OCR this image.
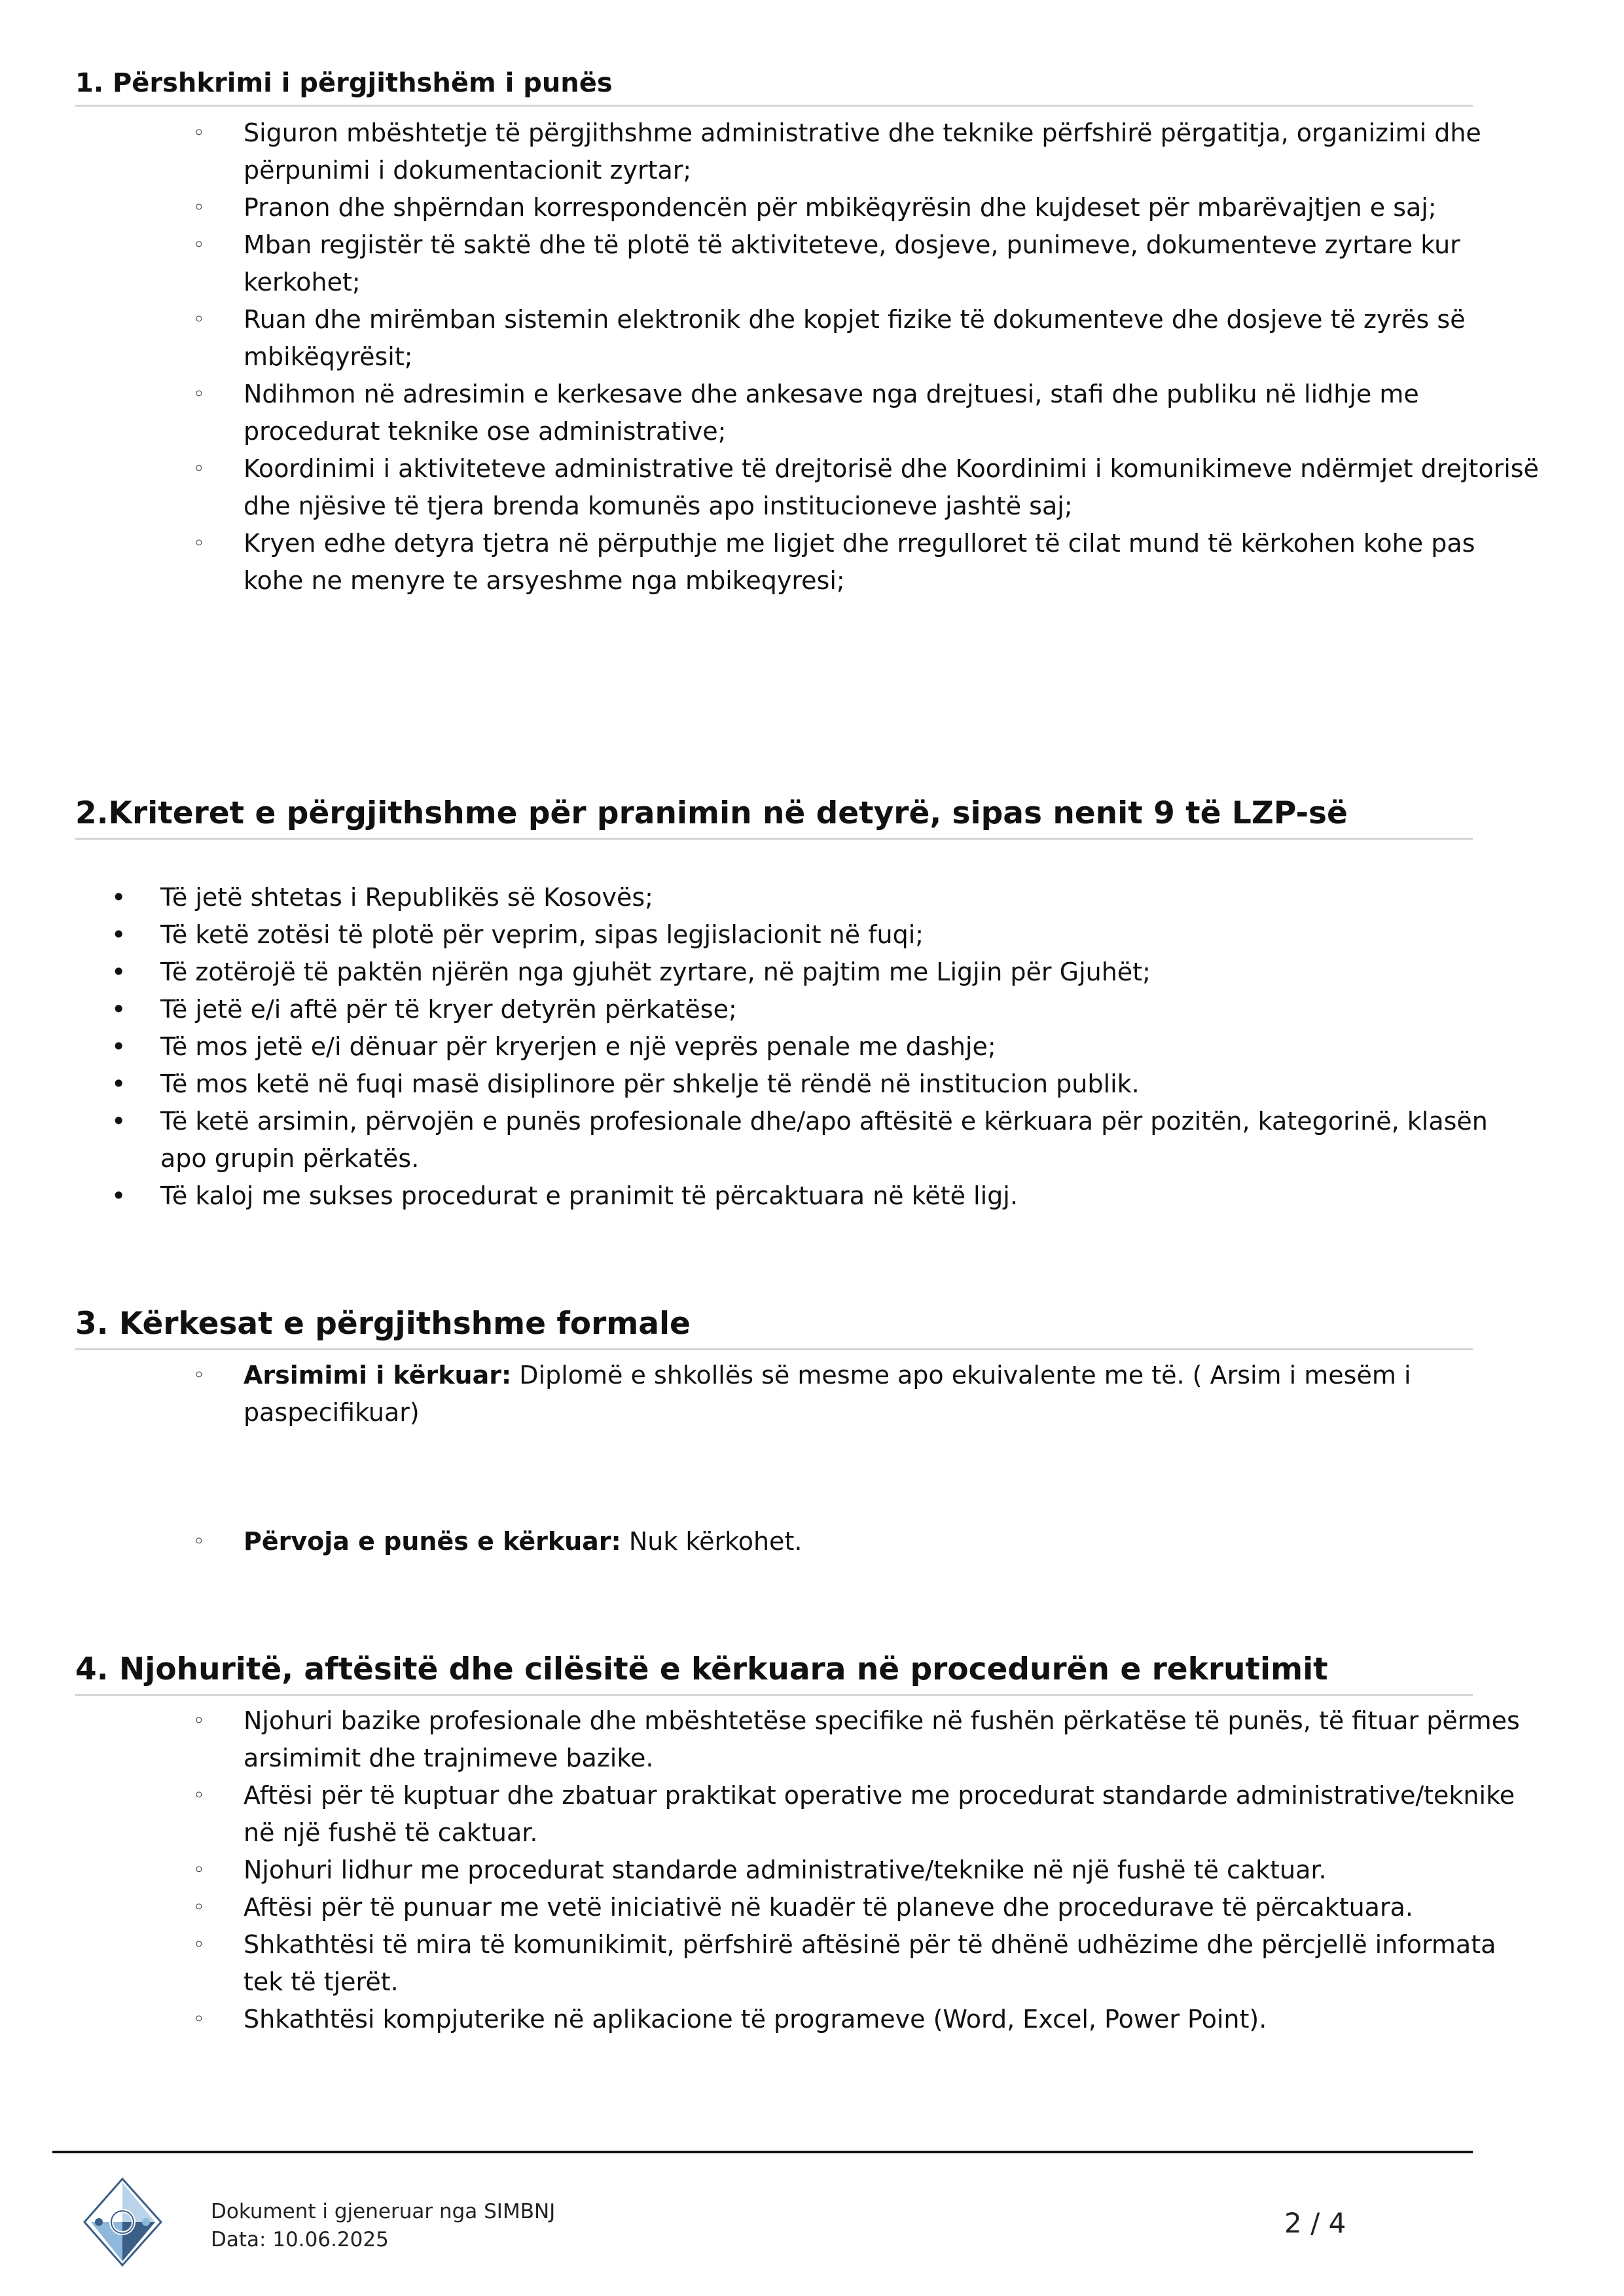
1. Përshkrimi i përgjithshëm i punës
◦ Siguron mbështetje të përgjithshme administrative dhe teknike përfshirë përgatitja, organizimi dhe përpunimi i dokumentacionit zyrtar;
◦ Pranon dhe shpërndan korrespondencën për mbikëqyrësin dhe kujdeset për mbarëvajtjen e saj;
◦ Mban regjistër të saktë dhe të plotë të aktiviteteve, dosjeve, punimeve, dokumenteve zyrtare kur kerkohet;
◦ Ruan dhe mirëmban sistemin elektronik dhe kopjet fizike të dokumenteve dhe dosjeve të zyrës së mbikëqyrësit;
◦ Ndihmon në adresimin e kerkesave dhe ankesave nga drejtuesi, stafi dhe publiku në lidhje me procedurat teknike ose administrative;
◦ Koordinimi i aktiviteteve administrative të drejtorisë dhe Koordinimi i komunikimeve ndërmjet drejtorisë dhe njësive të tjera brenda komunës apo institucioneve jashtë saj;
◦ Kryen edhe detyra tjetra në përputhje me ligjet dhe rregulloret të cilat mund të kërkohen kohe pas kohe ne menyre te arsyeshme nga mbikeqyresi;
2.Kriteret e përgjithshme për pranimin në detyrë, sipas nenit 9 të LZP-së
• Të jetë shtetas i Republikës së Kosovës;
• Të ketë zotësi të plotë për veprim, sipas legjislacionit në fuqi;
• Të zotërojë të paktën njërën nga gjuhët zyrtare, në pajtim me Ligjin për Gjuhët;
• Të jetë e/i aftë për të kryer detyrën përkatëse;
• Të mos jetë e/i dënuar për kryerjen e një veprës penale me dashje;
• Të mos ketë në fuqi masë disiplinore për shkelje të rëndë në institucion publik.
• Të ketë arsimin, përvojën e punës profesionale dhe/apo aftësitë e kërkuara për pozitën, kategorinë, klasën apo grupin përkatës.
• Të kaloj me sukses procedurat e pranimit të përcaktuara në këtë ligj.
3. Kërkesat e përgjithshme formale
◦ Arsimimi i kërkuar: Diplomë e shkollës së mesme apo ekuivalente me të. ( Arsim i mesëm i paspecifikuar)
◦ Përvoja e punës e kërkuar: Nuk kërkohet.
4. Njohuritë, aftësitë dhe cilësitë e kërkuara në procedurën e rekrutimit
◦ Njohuri bazike profesionale dhe mbështetëse specifike në fushën përkatëse të punës, të fituar përmes arsimimit dhe trajnimeve bazike.
◦ Aftësi për të kuptuar dhe zbatuar praktikat operative me procedurat standarde administrative/teknike në një fushë të caktuar.
◦ Njohuri lidhur me procedurat standarde administrative/teknike në një fushë të caktuar.
◦ Aftësi për të punuar me vetë iniciativë në kuadër të planeve dhe procedurave të përcaktuara.
◦ Shkathtësi të mira të komunikimit, përfshirë aftësinë për të dhënë udhëzime dhe përcjellë informata tek të tjerët.
◦ Shkathtësi kompjuterike në aplikacione të programeve (Word, Excel, Power Point).
Dokument i gjeneruar nga SIMBNJ
Data: 10.06.2025
2 / 4
